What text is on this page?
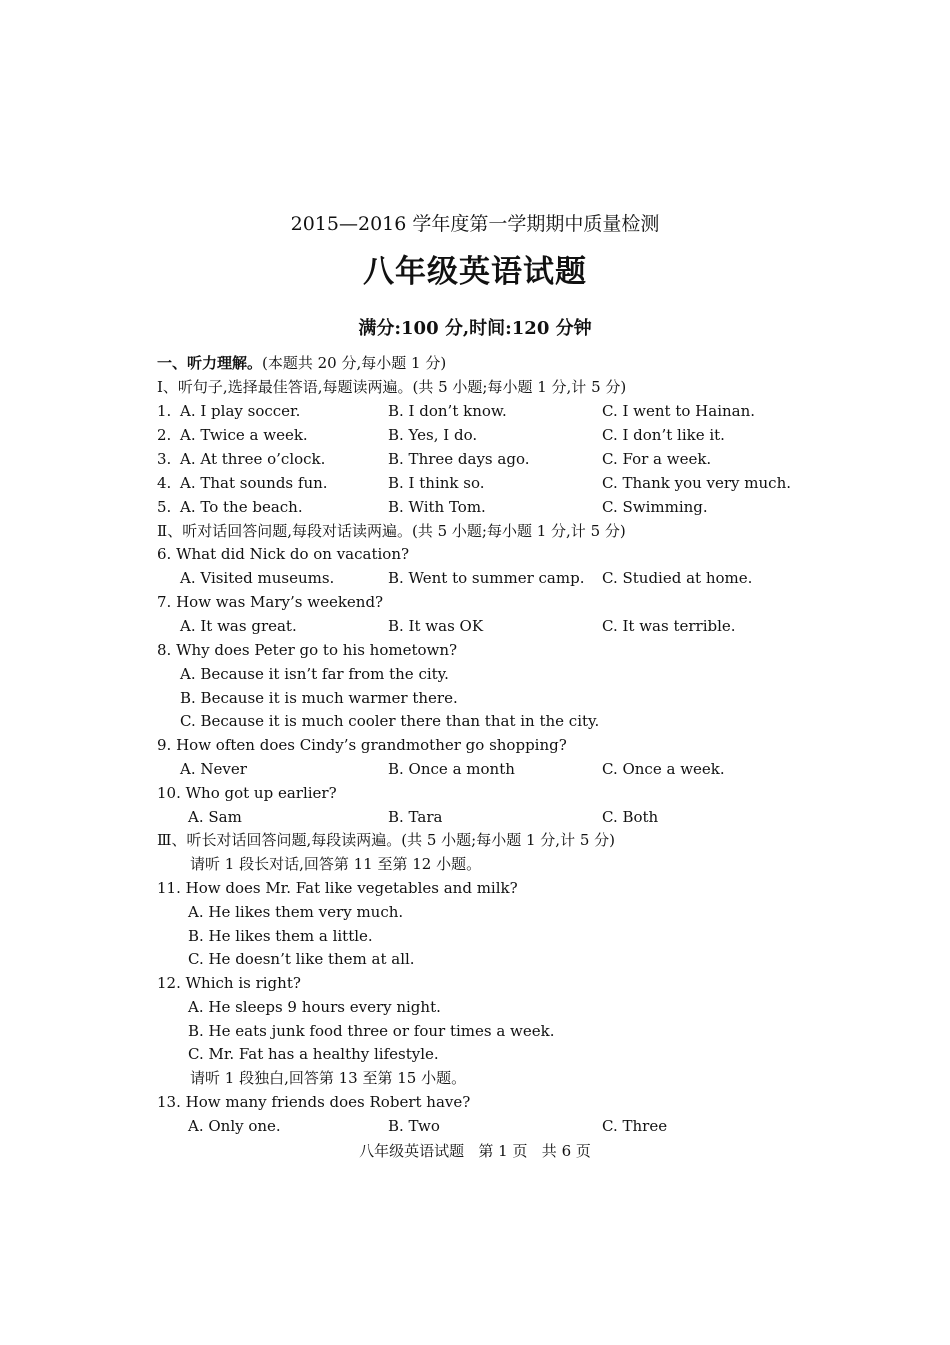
2015—2016 学年度第一学期期中质量检测
八年级英语试题
满分:100 分,时间:120 分钟
一、听力理解。(本题共 20 分,每小题 1 分)
Ⅰ、听句子,选择最佳答语,每题读两遍。(共 5 小题;每小题 1 分,计 5 分)
1. A. I play soccer.	B. I don’t know.	C. I went to Hainan.
2. A. Twice a week.	B. Yes, I do.	C. I don’t like it.
3. A. At three o’clock.	B. Three days ago.	C. For a week.
4. A. That sounds fun.	B. I think so.	C. Thank you very much.
5. A. To the beach.	B. With Tom.	C. Swimming.
Ⅱ、听对话回答问题,每段对话读两遍。(共 5 小题;每小题 1 分,计 5 分)
6. What did Nick do on vacation?
A. Visited museums.	B. Went to summer camp. C. Studied at home.
7. How was Mary’s weekend?
A. It was great.	B. It was OK	C. It was terrible.
8. Why does Peter go to his hometown?
A. Because it isn’t far from the city.
B. Because it is much warmer there.
C. Because it is much cooler there than that in the city.
9. How often does Cindy’s grandmother go shopping?
A. Never	B. Once a month	C. Once a week.
10. Who got up earlier?
A. Sam	B. Tara	C. Both
Ⅲ、听长对话回答问题,每段读两遍。(共 5 小题;每小题 1 分,计 5 分)
请听 1 段长对话,回答第 11 至第 12 小题。
11. How does Mr. Fat like vegetables and milk?
A. He likes them very much.
B. He likes them a little.
C. He doesn’t like them at all.
12. Which is right?
A. He sleeps 9 hours every night.
B. He eats junk food three or four times a week.
C. Mr. Fat has a healthy lifestyle.
请听 1 段独白,回答第 13 至第 15 小题。
13. How many friends does Robert have?
A. Only one.	B. Two	C. Three
八年级英语试题   第 1 页   共 6 页
